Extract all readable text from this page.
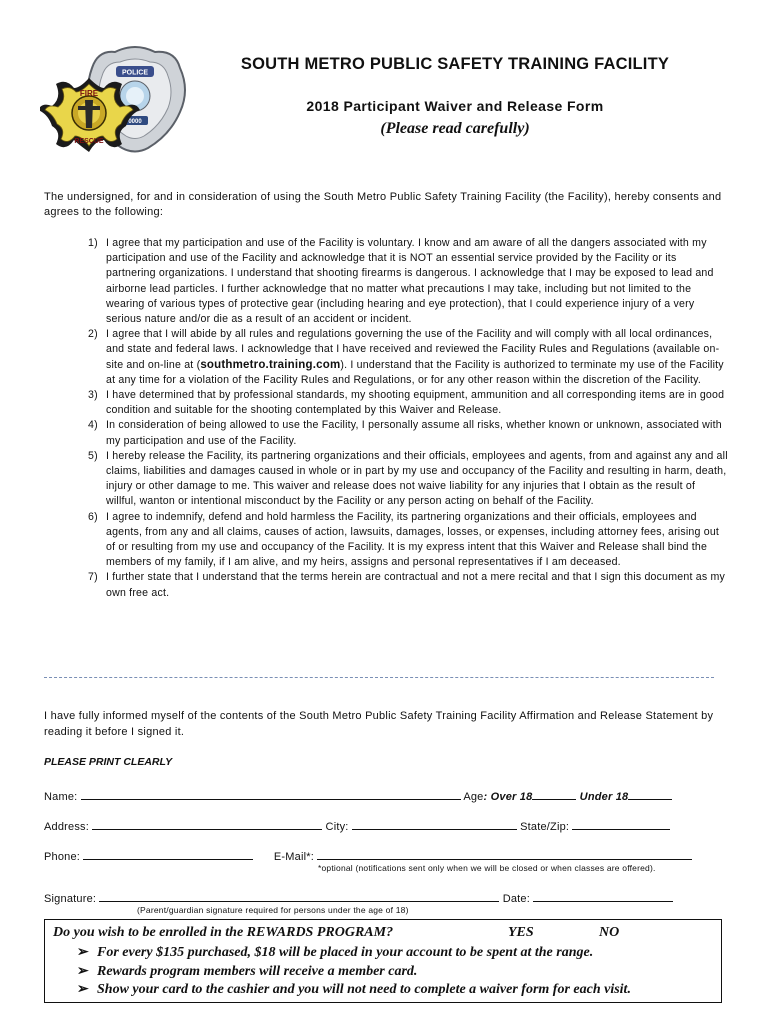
POLICE
0000
FIRE
RESCUE
SOUTH METRO PUBLIC SAFETY TRAINING FACILITY
2018 Participant Waiver and Release Form
(Please read carefully)
The undersigned, for and in consideration of using the South Metro Public Safety Training Facility (the Facility), hereby consents and agrees to the following:
1) I agree that my participation and use of the Facility is voluntary. I know and am aware of all the dangers associated with my participation and use of the Facility and acknowledge that it is NOT an essential service provided by the Facility or its partnering organizations. I understand that shooting firearms is dangerous. I acknowledge that I may be exposed to lead and airborne lead particles. I further acknowledge that no matter what precautions I may take, including but not limited to the wearing of various types of protective gear (including hearing and eye protection), that I could experience injury of a very serious nature and/or die as a result of an accident or incident.
2) I agree that I will abide by all rules and regulations governing the use of the Facility and will comply with all local ordinances, and state and federal laws. I acknowledge that I have received and reviewed the Facility Rules and Regulations (available on-site and on-line at (southmetro.training.com). I understand that the Facility is authorized to terminate my use of the Facility at any time for a violation of the Facility Rules and Regulations, or for any other reason within the discretion of the Facility.
3) I have determined that by professional standards, my shooting equipment, ammunition and all corresponding items are in good condition and suitable for the shooting contemplated by this Waiver and Release.
4) In consideration of being allowed to use the Facility, I personally assume all risks, whether known or unknown, associated with my participation and use of the Facility.
5) I hereby release the Facility, its partnering organizations and their officials, employees and agents, from and against any and all claims, liabilities and damages caused in whole or in part by my use and occupancy of the Facility and resulting in harm, death, injury or other damage to me. This waiver and release does not waive liability for any injuries that I obtain as the result of willful, wanton or intentional misconduct by the Facility or any person acting on behalf of the Facility.
6) I agree to indemnify, defend and hold harmless the Facility, its partnering organizations and their officials, employees and agents, from any and all claims, causes of action, lawsuits, damages, losses, or expenses, including attorney fees, arising out of or resulting from my use and occupancy of the Facility. It is my express intent that this Waiver and Release shall bind the members of my family, if I am alive, and my heirs, assigns and personal representatives if I am deceased.
7) I further state that I understand that the terms herein are contractual and not a mere recital and that I sign this document as my own free act.
I have fully informed myself of the contents of the South Metro Public Safety Training Facility Affirmation and Release Statement by reading it before I signed it.
PLEASE PRINT CLEARLY
Name:	Age: Over 18	Under 18
Address:	City:	State/Zip:
Phone:	E-Mail*:
*optional (notifications sent only when we will be closed or when classes are offered).
Signature:	Date:
(Parent/guardian signature required for persons under the age of 18)
Do you wish to be enrolled in the REWARDS PROGRAM?	YES	NO
➢ For every $135 purchased, $18 will be placed in your account to be spent at the range.
➢ Rewards program members will receive a member card.
➢ Show your card to the cashier and you will not need to complete a waiver form for each visit.
